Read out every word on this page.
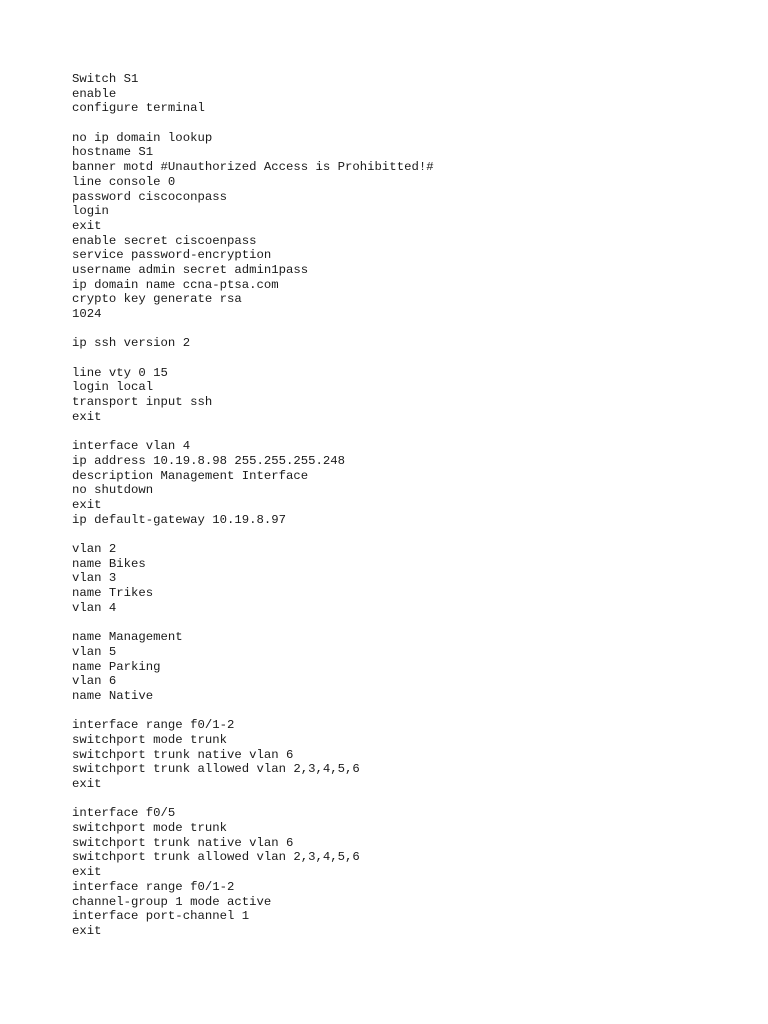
Switch S1
enable
configure terminal
no ip domain lookup
hostname S1
banner motd #Unauthorized Access is Prohibitted!#
line console 0
password ciscoconpass
login
exit
enable secret ciscoenpass
service password-encryption
username admin secret admin1pass
ip domain name ccna-ptsa.com
crypto key generate rsa
1024
ip ssh version 2
line vty 0 15
login local
transport input ssh
exit
interface vlan 4
ip address 10.19.8.98 255.255.255.248
description Management Interface
no shutdown
exit
ip default-gateway 10.19.8.97
vlan 2
name Bikes
vlan 3
name Trikes
vlan 4
name Management
vlan 5
name Parking
vlan 6
name Native
interface range f0/1-2
switchport mode trunk
switchport trunk native vlan 6
switchport trunk allowed vlan 2,3,4,5,6
exit
interface f0/5
switchport mode trunk
switchport trunk native vlan 6
switchport trunk allowed vlan 2,3,4,5,6
exit
interface range f0/1-2
channel-group 1 mode active
interface port-channel 1
exit
